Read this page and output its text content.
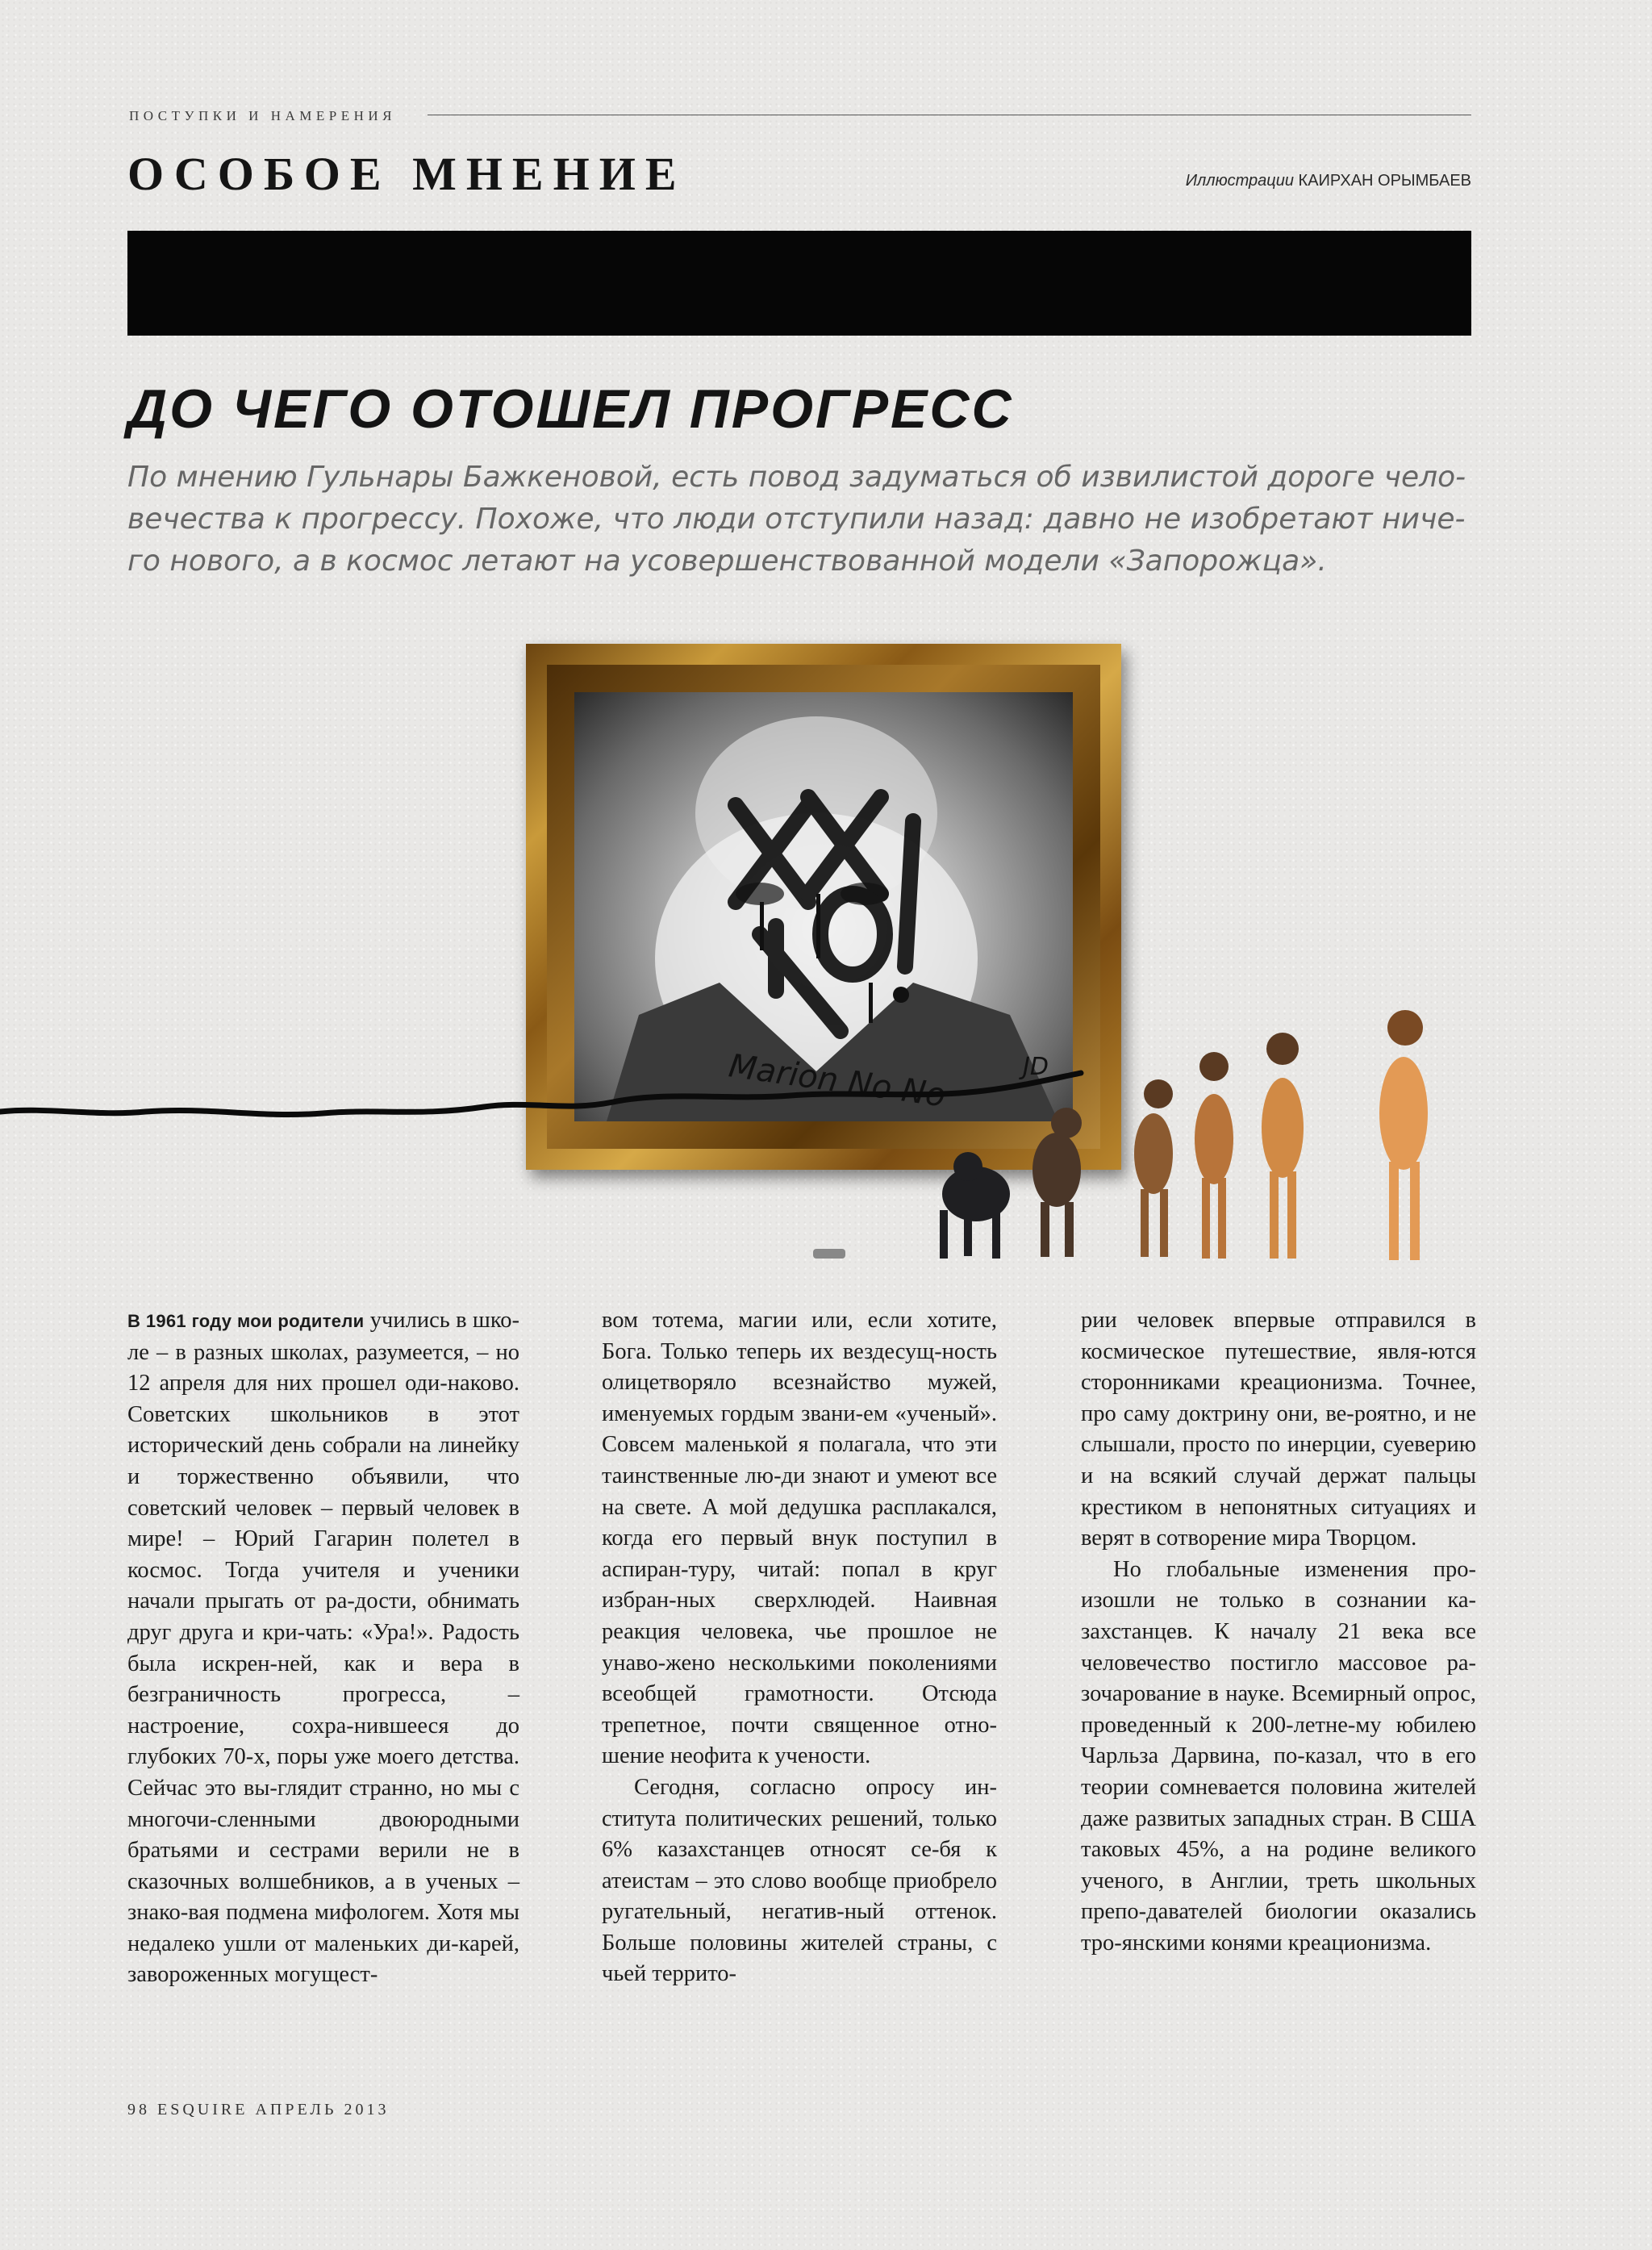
ПОСТУПКИ И НАМЕРЕНИЯ
ОСОБОЕ МНЕНИЕ	Иллюстрации КАИРХАН ОРЫМБАЕВ
ДО ЧЕГО ОТОШЕЛ ПРОГРЕСС
По мнению Гульнары Бажкеновой, есть повод задуматься об извилистой дороге чело-
вечества к прогрессу. Похоже, что люди отступили назад: давно не изобретают ниче-
го нового, а в космос летают на усовершенствованной модели «Запорожца».
Marion No No	JD

В 1961 году мои родители учились в шко-ле – в разных школах, разумеется, – но 12 апреля для них прошел оди-наково. Советских школьников в этот исторический день собрали на линейку и торжественно объявили, что советский человек – первый человек в мире! – Юрий Гагарин полетел в космос. Тогда учителя и ученики начали прыгать от ра-дости, обнимать друг друга и кри-чать: «Ура!». Радость была искрен-ней, как и вера в безграничность прогресса, – настроение, сохра-нившееся до глубоких 70-х, поры уже моего детства. Сейчас это вы-глядит странно, но мы с многочи-сленными двоюродными братьями и сестрами верили не в сказочных волшебников, а в ученых – знако-вая подмена мифологем. Хотя мы недалеко ушли от маленьких ди-карей, завороженных могущест-

вом тотема, магии или, если хотите, Бога. Только теперь их вездесущ-ность олицетворяло всезнайство мужей, именуемых гордым звани-ем «ученый». Совсем маленькой я полагала, что эти таинственные лю-ди знают и умеют все на свете. А мой дедушка расплакался, когда его первый внук поступил в аспиран-туру, читай: попал в круг избран-ных сверхлюдей. Наивная реакция человека, чье прошлое не унаво-жено несколькими поколениями всеобщей грамотности. Отсюда трепетное, почти священное отно-шение неофита к учености.

Сегодня, согласно опросу ин-ститута политических решений, только 6% казахстанцев относят се-бя к атеистам – это слово вообще приобрело ругательный, негатив-ный оттенок. Больше половины жителей страны, с чьей террито-

рии человек впервые отправился в космическое путешествие, явля-ются сторонниками креационизма. Точнее, про саму доктрину они, ве-роятно, и не слышали, просто по инерции, суеверию и на всякий случай держат пальцы крестиком в непонятных ситуациях и верят в сотворение мира Творцом.

Но глобальные изменения про-изошли не только в сознании ка-захстанцев. К началу 21 века все человечество постигло массовое ра-зочарование в науке. Всемирный опрос, проведенный к 200-летне-му юбилею Чарльза Дарвина, по-казал, что в его теории сомневается половина жителей даже развитых западных стран. В США таковых 45%, а на родине великого ученого, в Англии, треть школьных препо-давателей биологии оказались тро-янскими конями креационизма.

98 ESQUIRE АПРЕЛЬ 2013
